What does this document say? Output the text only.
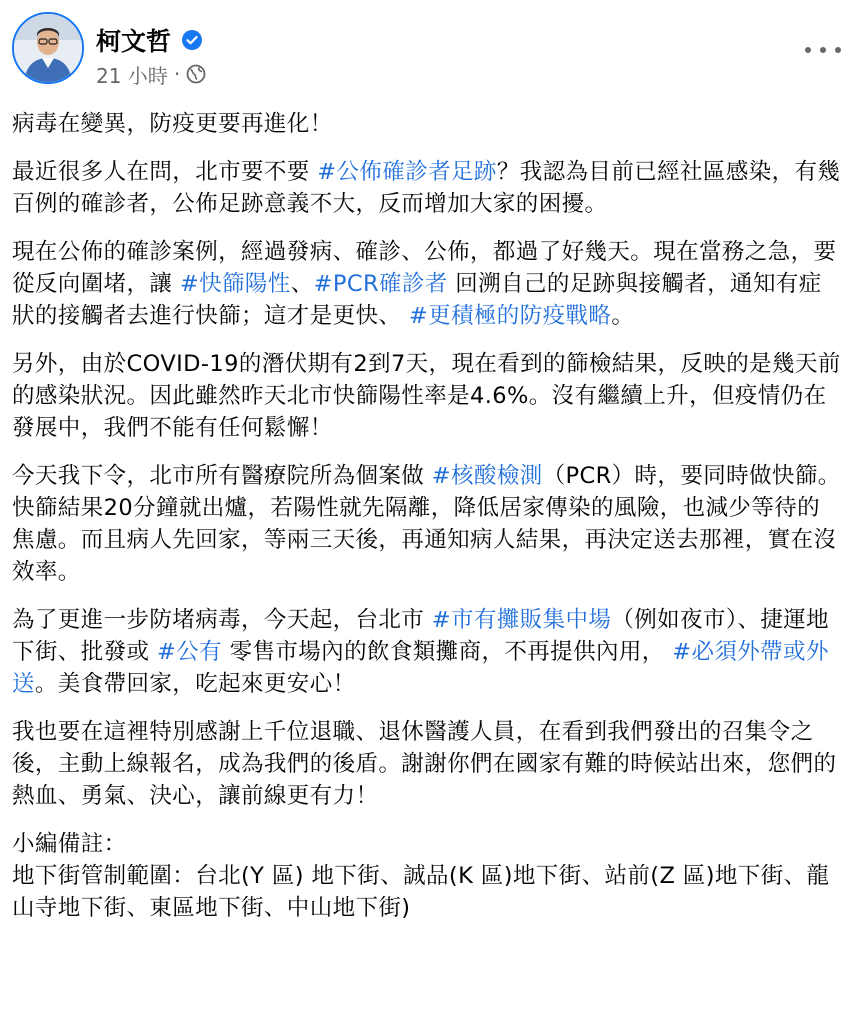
柯文哲
21 小時 ·

病毒在變異，防疫更要再進化！

最近很多人在問，北市要不要 #公佈確診者足跡？我認為目前已經社區感染，有幾百例的確診者，公佈足跡意義不大，反而增加大家的困擾。

現在公佈的確診案例，經過發病、確診、公佈，都過了好幾天。現在當務之急，要從反向圍堵，讓 #快篩陽性、#PCR確診者 回溯自己的足跡與接觸者，通知有症狀的接觸者去進行快篩；這才是更快、 #更積極的防疫戰略。

另外，由於COVID-19的潛伏期有2到7天，現在看到的篩檢結果，反映的是幾天前的感染狀況。因此雖然昨天北市快篩陽性率是4.6%。沒有繼續上升，但疫情仍在發展中，我們不能有任何鬆懈！

今天我下令，北市所有醫療院所為個案做 #核酸檢測（PCR）時，要同時做快篩。快篩結果20分鐘就出爐，若陽性就先隔離，降低居家傳染的風險，也減少等待的焦慮。而且病人先回家，等兩三天後，再通知病人結果，再決定送去那裡，實在沒效率。

為了更進一步防堵病毒，今天起，台北市 #市有攤販集中場（例如夜市）、捷運地下街、批發或 #公有 零售市場內的飲食類攤商，不再提供內用， #必須外帶或外送。美食帶回家，吃起來更安心！

我也要在這裡特別感謝上千位退職、退休醫護人員，在看到我們發出的召集令之後，主動上線報名，成為我們的後盾。謝謝你們在國家有難的時候站出來，您們的熱血、勇氣、決心，讓前線更有力！

小編備註：
地下街管制範圍：台北(Y 區) 地下街、誠品(K 區)地下街、站前(Z 區)地下街、龍 山寺地下街、東區地下街、中山地下街)
